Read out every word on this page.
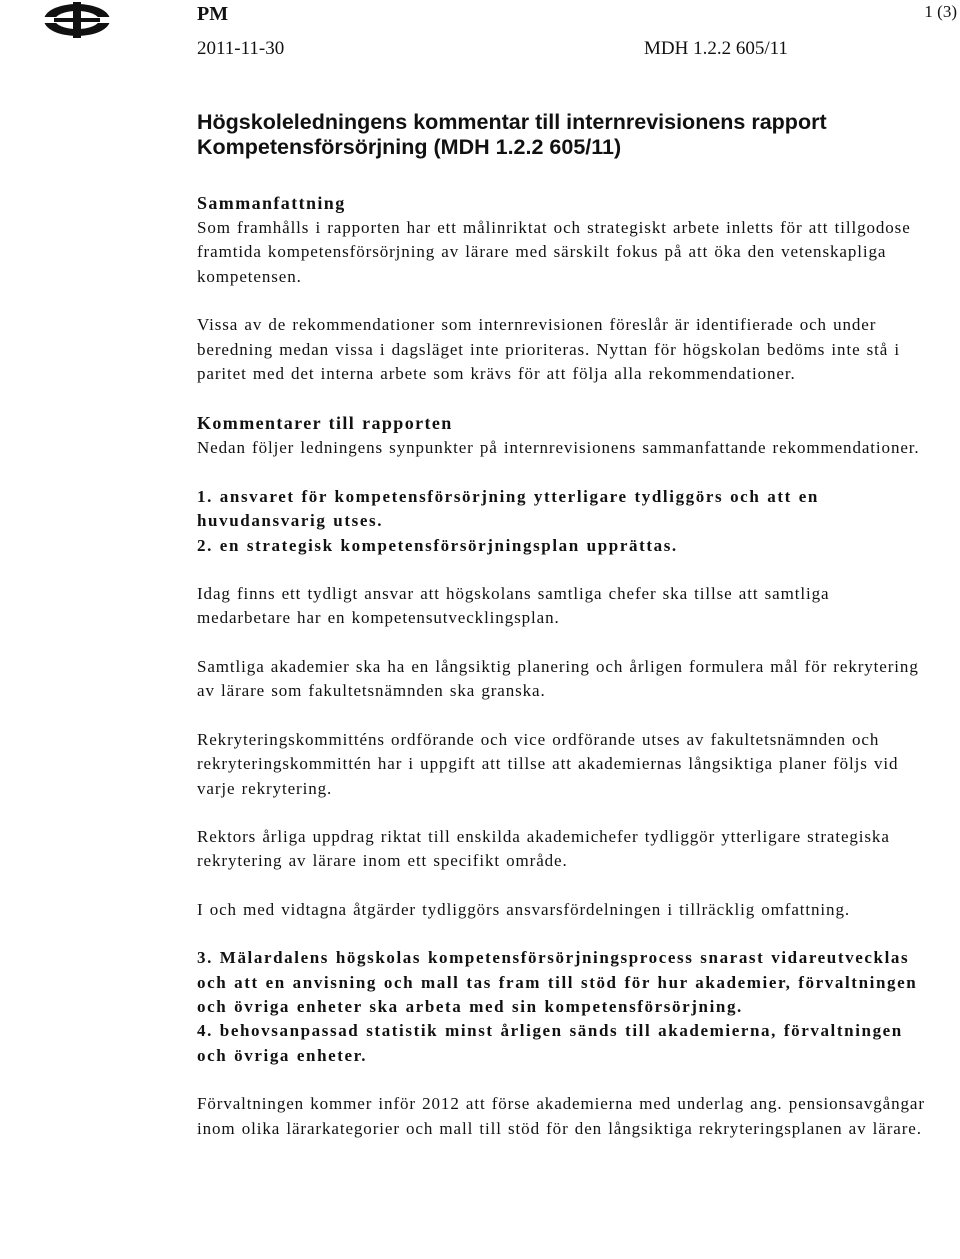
PM	1 (3)
2011-11-30	MDH 1.2.2 605/11
Högskoleledningens kommentar till internrevisionens rapport Kompetensförsörjning (MDH 1.2.2 605/11)
Sammanfattning

Som framhålls i rapporten har ett målinriktat och strategiskt arbete inletts för att tillgodose framtida kompetensförsörjning av lärare med särskilt fokus på att öka den vetenskapliga kompetensen.

Vissa av de rekommendationer som internrevisionen föreslår är identifierade och under beredning medan vissa i dagsläget inte prioriteras. Nyttan för högskolan bedöms inte stå i paritet med det interna arbete som krävs för att följa alla rekommendationer.

Kommentarer till rapporten

Nedan följer ledningens synpunkter på internrevisionens sammanfattande rekommendationer.

1. ansvaret för kompetensförsörjning ytterligare tydliggörs och att en huvudansvarig utses.

2. en strategisk kompetensförsörjningsplan upprättas.

Idag finns ett tydligt ansvar att högskolans samtliga chefer ska tillse att samtliga medarbetare har en kompetensutvecklingsplan.

Samtliga akademier ska ha en långsiktig planering och årligen formulera mål för rekrytering av lärare som fakultetsnämnden ska granska.

Rekryteringskommitténs ordförande och vice ordförande utses av fakultetsnämnden och rekryteringskommittén har i uppgift att tillse att akademiernas långsiktiga planer följs vid varje rekrytering.

Rektors årliga uppdrag riktat till enskilda akademichefer tydliggör ytterligare strategiska rekrytering av lärare inom ett specifikt område.

I och med vidtagna åtgärder tydliggörs ansvarsfördelningen i tillräcklig omfattning.

3. Mälardalens högskolas kompetensförsörjningsprocess snarast vidareutvecklas och att en anvisning och mall tas fram till stöd för hur akademier, förvaltningen och övriga enheter ska arbeta med sin kompetensförsörjning.

4. behovsanpassad statistik minst årligen sänds till akademierna, förvaltningen och övriga enheter.

Förvaltningen kommer inför 2012 att förse akademierna med underlag ang. pensionsavgångar inom olika lärarkategorier och mall till stöd för den långsiktiga rekryteringsplanen av lärare.
